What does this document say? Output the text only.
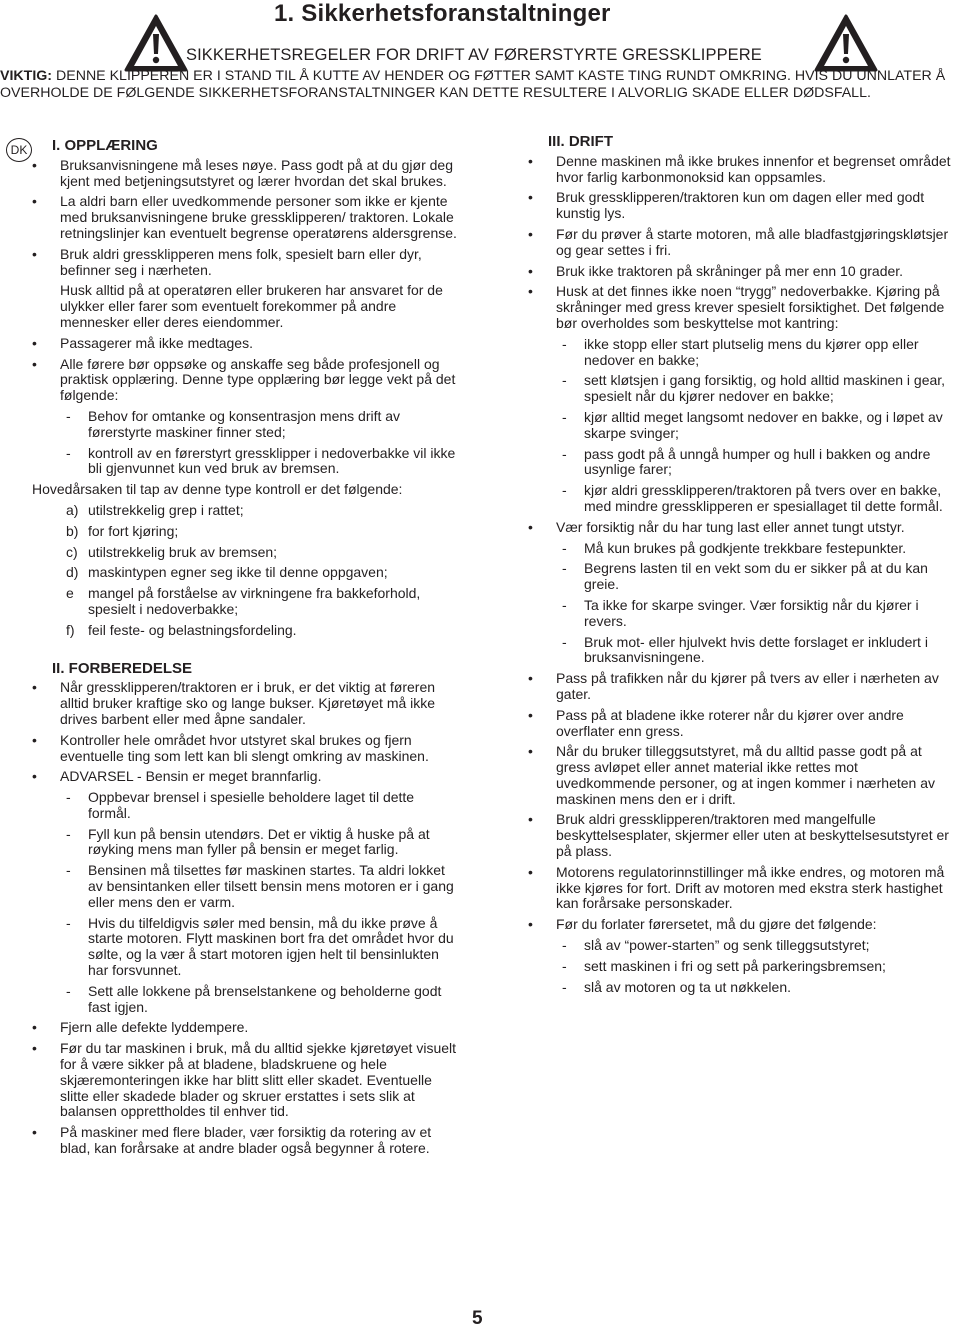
1. Sikkerhetsforanstaltninger
SIKKERHETSREGELER FOR DRIFT AV FØRERSTYRTE GRESSKLIPPERE
VIKTIG: DENNE KLIPPEREN ER I STAND TIL Å KUTTE AV HENDER OG FØTTER SAMT KASTE TING RUNDT OMKRING. HVIS DU UNNLATER Å OVERHOLDE DE FØLGENDE SIKKERHETSFORANSTALTNINGER KAN DETTE RESULTERE I ALVORLIG SKADE ELLER DØDSFALL.
DK	I. OPPLÆRING
• Bruksanvisningene må leses nøye. Pass godt på at du gjør deg kjent med betjeningsutstyret og lærer hvordan det skal brukes.
• La aldri barn eller uvedkommende personer som ikke er kjente med bruksanvisningene bruke gressklipperen/ traktoren. Lokale retningslinjer kan eventuelt begrense operatørens aldersgrense.
• Bruk aldri gressklipperen mens folk, spesielt barn eller dyr, befinner seg i nærheten.
Husk alltid på at operatøren eller brukeren har ansvaret for de ulykker eller farer som eventuelt forekommer på andre mennesker eller deres eiendommer.
• Passagerer må ikke medtages.
• Alle førere bør oppsøke og anskaffe seg både profesjonell og praktisk opplæring. Denne type opplæring bør legge vekt på det følgende:
- Behov for omtanke og konsentrasjon mens drift av førerstyrte maskiner finner sted;
- kontroll av en førerstyrt gressklipper i nedoverbakke vil ikke bli gjenvunnet kun ved bruk av bremsen.
Hovedårsaken til tap av denne type kontroll er det følgende:
a) utilstrekkelig grep i rattet;
b) for fort kjøring;
c) utilstrekkelig bruk av bremsen;
d) maskintypen egner seg ikke til denne oppgaven;
e mangel på forståelse av virkningene fra bakkeforhold, spesielt i nedoverbakke;
f) feil feste- og belastningsfordeling.
II. FORBEREDELSE
• Når gressklipperen/traktoren er i bruk, er det viktig at føreren alltid bruker kraftige sko og lange bukser. Kjøretøyet må ikke drives barbent eller med åpne sandaler.
• Kontroller hele området hvor utstyret skal brukes og fjern eventuelle ting som lett kan bli slengt omkring av maskinen.
• ADVARSEL - Bensin er meget brannfarlig.
- Oppbevar brensel i spesielle beholdere laget til dette formål.
- Fyll kun på bensin utendørs. Det er viktig å huske på at røyking mens man fyller på bensin er meget farlig.
- Bensinen må tilsettes før maskinen startes. Ta aldri lokket av bensintanken eller tilsett bensin mens motoren er i gang eller mens den er varm.
- Hvis du tilfeldigvis søler med bensin, må du ikke prøve å starte motoren. Flytt maskinen bort fra det området hvor du sølte, og la vær å start motoren igjen helt til bensinlukten har forsvunnet.
- Sett alle lokkene på brenselstankene og beholderne godt fast igjen.
• Fjern alle defekte lyddempere.
• Før du tar maskinen i bruk, må du alltid sjekke kjøretøyet visuelt for å være sikker på at bladene, bladskruene og hele skjæremonteringen ikke har blitt slitt eller skadet. Eventuelle slitte eller skadede blader og skruer erstattes i sets slik at balansen opprettholdes til enhver tid.
• På maskiner med flere blader, vær forsiktig da rotering av et blad, kan forårsake at andre blader også begynner å rotere.
III. DRIFT
• Denne maskinen må ikke brukes innenfor et begrenset området hvor farlig karbonmonoksid kan oppsamles.
• Bruk gressklipperen/traktoren kun om dagen eller med godt kunstig lys.
• Før du prøver å starte motoren, må alle bladfastgjøringskløtsjer og gear settes i fri.
• Bruk ikke traktoren på skråninger på mer enn 10 grader.
• Husk at det finnes ikke noen “trygg” nedoverbakke. Kjøring på skråninger med gress krever spesielt forsiktighet. Det følgende bør overholdes som beskyttelse mot kantring:
- ikke stopp eller start plutselig mens du kjører opp eller nedover en bakke;
- sett kløtsjen i gang forsiktig, og hold alltid maskinen i gear, spesielt når du kjører nedover en bakke;
- kjør alltid meget langsomt nedover en bakke, og i løpet av skarpe svinger;
- pass godt på å unngå humper og hull i bakken og andre usynlige farer;
- kjør aldri gressklipperen/traktoren på tvers over en bakke, med mindre gressklipperen er spesiallaget til dette formål.
• Vær forsiktig når du har tung last eller annet tungt utstyr.
- Må kun brukes på godkjente trekkbare festepunkter.
- Begrens lasten til en vekt som du er sikker på at du kan greie.
- Ta ikke for skarpe svinger. Vær forsiktig når du kjører i revers.
- Bruk mot- eller hjulvekt hvis dette forslaget er inkludert i bruksanvisningene.
• Pass på trafikken når du kjører på tvers av eller i nærheten av gater.
• Pass på at bladene ikke roterer når du kjører over andre overflater enn gress.
• Når du bruker tilleggsutstyret, må du alltid passe godt på at gress avløpet eller annet material ikke rettes mot uvedkommende personer, og at ingen kommer i nærheten av maskinen mens den er i drift.
• Bruk aldri gressklipperen/traktoren med mangelfulle beskyttelsesplater, skjermer eller uten at beskyttelsesutstyret er på plass.
• Motorens regulatorinnstillinger må ikke endres, og motoren må ikke kjøres for fort. Drift av motoren med ekstra sterk hastighet kan forårsake personskader.
• Før du forlater førersetet, må du gjøre det følgende:
- slå av “power-starten” og senk tilleggsutstyret;
- sett maskinen i fri og sett på parkeringsbremsen;
- slå av motoren og ta ut nøkkelen.
5
